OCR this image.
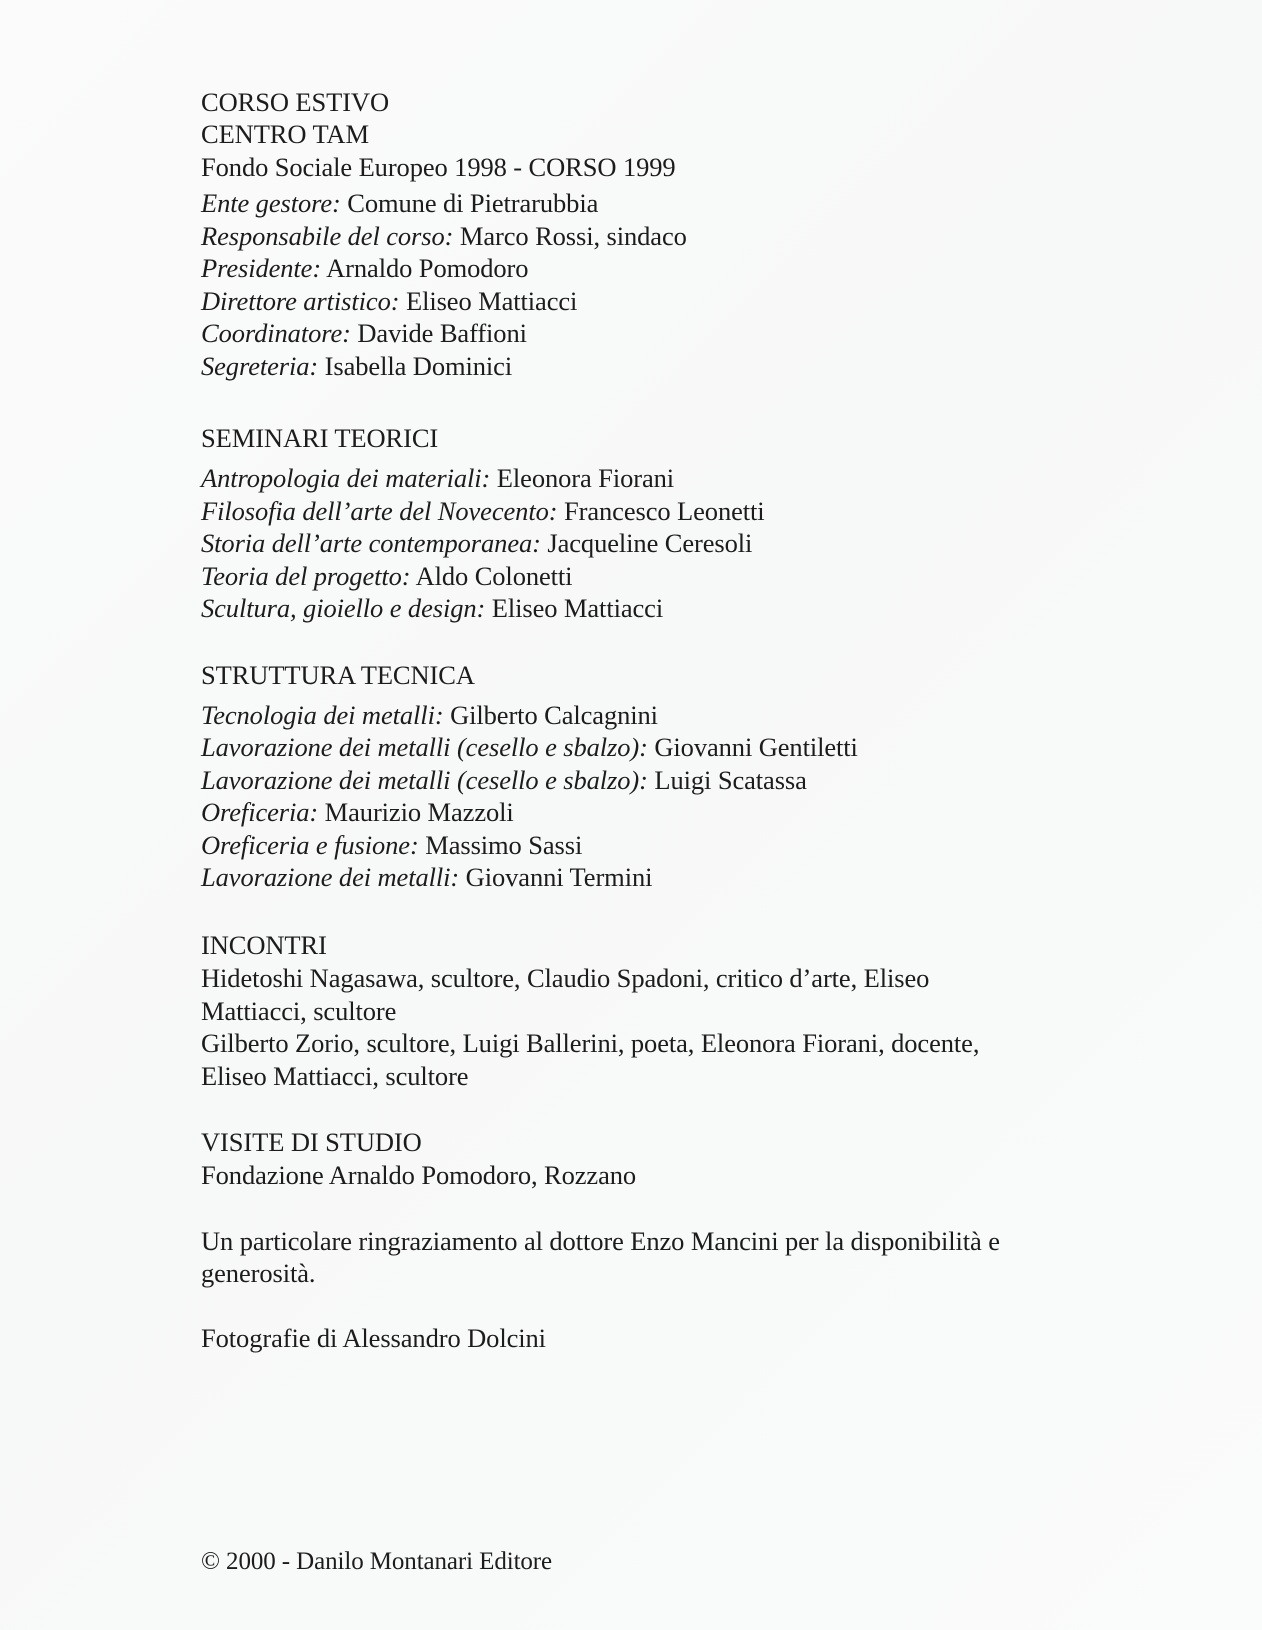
CORSO ESTIVO
CENTRO TAM
Fondo Sociale Europeo 1998 - CORSO 1999
Ente gestore: Comune di Pietrarubbia
Responsabile del corso: Marco Rossi, sindaco
Presidente: Arnaldo Pomodoro
Direttore artistico: Eliseo Mattiacci
Coordinatore: Davide Baffioni
Segreteria: Isabella Dominici
SEMINARI TEORICI
Antropologia dei materiali: Eleonora Fiorani
Filosofia dell’arte del Novecento: Francesco Leonetti
Storia dell’arte contemporanea: Jacqueline Ceresoli
Teoria del progetto: Aldo Colonetti
Scultura, gioiello e design: Eliseo Mattiacci
STRUTTURA TECNICA
Tecnologia dei metalli: Gilberto Calcagnini
Lavorazione dei metalli (cesello e sbalzo): Giovanni Gentiletti
Lavorazione dei metalli (cesello e sbalzo): Luigi Scatassa
Oreficeria: Maurizio Mazzoli
Oreficeria e fusione: Massimo Sassi
Lavorazione dei metalli: Giovanni Termini
INCONTRI
Hidetoshi Nagasawa, scultore, Claudio Spadoni, critico d’arte, Eliseo
Mattiacci, scultore
Gilberto Zorio, scultore, Luigi Ballerini, poeta, Eleonora Fiorani, docente,
Eliseo Mattiacci, scultore
VISITE DI STUDIO
Fondazione Arnaldo Pomodoro, Rozzano
Un particolare ringraziamento al dottore Enzo Mancini per la disponibilità e
generosità.
Fotografie di Alessandro Dolcini
© 2000 - Danilo Montanari Editore
